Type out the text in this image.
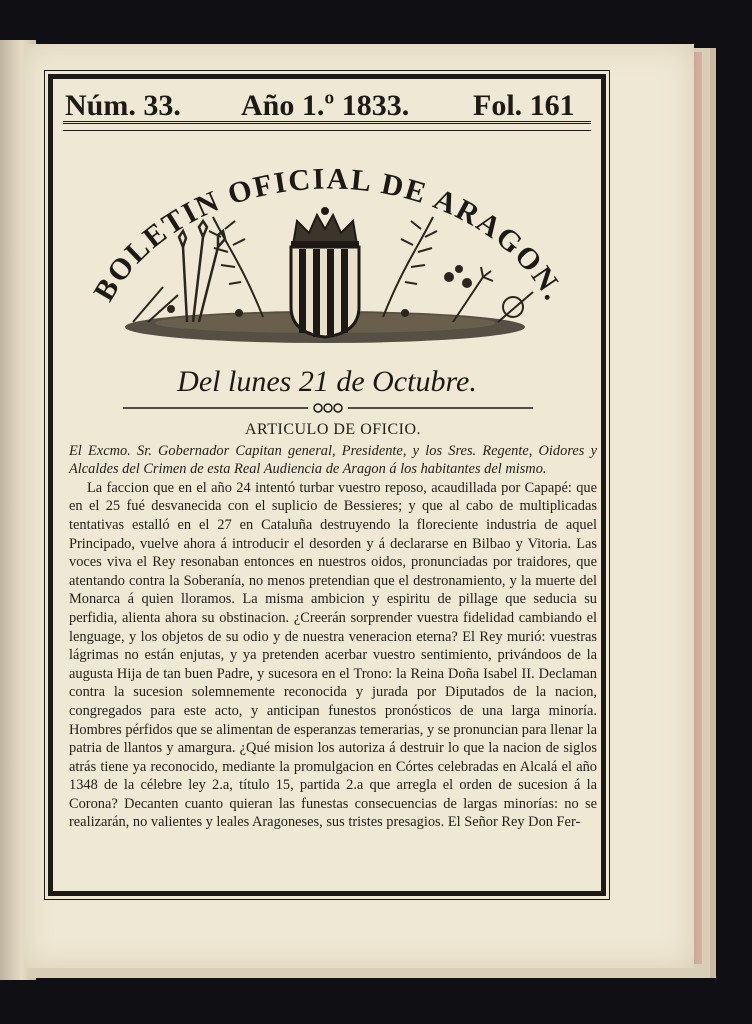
Núm. 33. Año 1.º 1833. Fol. 161
BOLETIN OFICIAL DE ARAGON.
Del lunes 21 de Octubre.

ARTICULO DE OFICIO.

El Excmo. Sr. Gobernador Capitan general, Presidente, y los Sres. Regente, Oidores y Alcaldes del Crimen de esta Real Audiencia de Aragon á los habitantes del mismo.

La faccion que en el año 24 intentó turbar vuestro reposo, acaudillada por Capapé: que en el 25 fué desvanecida con el suplicio de Bessieres; y que al cabo de multiplicadas tentativas estalló en el 27 en Cataluña destruyendo la floreciente industria de aquel Principado, vuelve ahora á introducir el desorden y á declararse en Bilbao y Vitoria. Las voces viva el Rey resonaban entonces en nuestros oidos, pronunciadas por traidores, que atentando contra la Soberanía, no menos pretendian que el destronamiento, y la muerte del Monarca á quien lloramos. La misma ambicion y espiritu de pillage que seducia su perfidia, alienta ahora su obstinacion. ¿Creerán sorprender vuestra fidelidad cambiando el lenguage, y los objetos de su odio y de nuestra veneracion eterna? El Rey murió: vuestras lágrimas no están enjutas, y ya pretenden acerbar vuestro sentimiento, privándoos de la augusta Hija de tan buen Padre, y sucesora en el Trono: la Reina Doña Isabel II. Declaman contra la sucesion solemnemente reconocida y jurada por Diputados de la nacion, congregados para este acto, y anticipan funestos pronósticos de una larga minoría. Hombres pérfidos que se alimentan de esperanzas temerarias, y se pronuncian para llenar la patria de llantos y amargura. ¿Qué mision los autoriza á destruir lo que la nacion de siglos atrás tiene ya reconocido, mediante la promulgacion en Córtes celebradas en Alcalá el año 1348 de la célebre ley 2.a, título 15, partida 2.a que arregla el orden de sucesion á la Corona? Decanten cuanto quieran las funestas consecuencias de largas minorías: no se realizarán, no valientes y leales Aragoneses, sus tristes presagios. El Señor Rey Don Fer-
